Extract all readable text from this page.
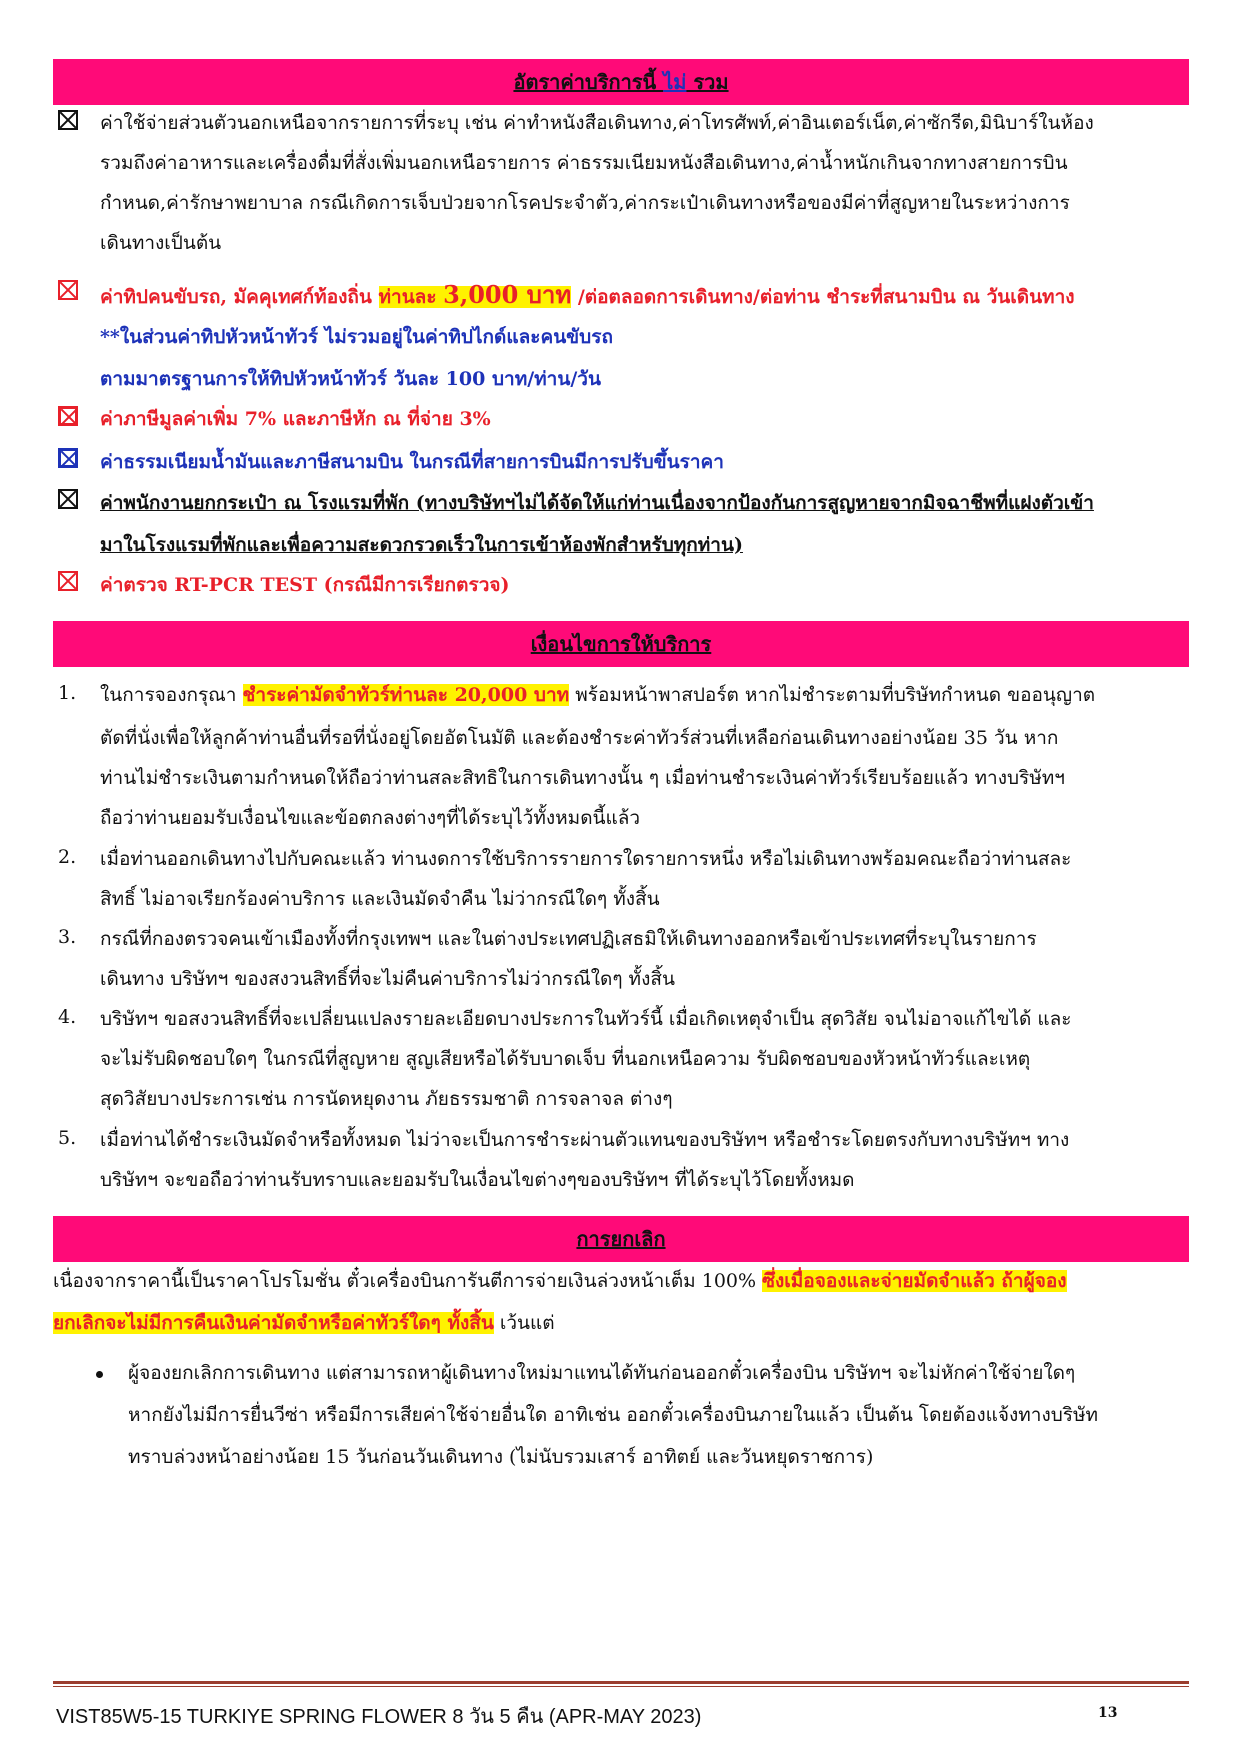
อัตราค่าบริการนี้ ไม่ รวม
ค่าใช้จ่ายส่วนตัวนอกเหนือจากรายการที่ระบุ เช่น ค่าทำหนังสือเดินทาง,ค่าโทรศัพท์,ค่าอินเตอร์เน็ต,ค่าซักรีด,มินิบาร์ในห้อง
รวมถึงค่าอาหารและเครื่องดื่มที่สั่งเพิ่มนอกเหนือรายการ ค่าธรรมเนียมหนังสือเดินทาง,ค่าน้ำหนักเกินจากทางสายการบิน
กำหนด,ค่ารักษาพยาบาล กรณีเกิดการเจ็บป่วยจากโรคประจำตัว,ค่ากระเป๋าเดินทางหรือของมีค่าที่สูญหายในระหว่างการ
เดินทางเป็นต้น
ค่าทิปคนขับรถ, มัคคุเทศก์ท้องถิ่น ท่านละ 3,000 บาท /ต่อตลอดการเดินทาง/ต่อท่าน ชำระที่สนามบิน ณ วันเดินทาง
**ในส่วนค่าทิปหัวหน้าทัวร์ ไม่รวมอยู่ในค่าทิปไกด์และคนขับรถ
ตามมาตรฐานการให้ทิปหัวหน้าทัวร์ วันละ 100 บาท/ท่าน/วัน
ค่าภาษีมูลค่าเพิ่ม 7% และภาษีหัก ณ ที่จ่าย 3%
ค่าธรรมเนียมน้ำมันและภาษีสนามบิน ในกรณีที่สายการบินมีการปรับขึ้นราคา
ค่าพนักงานยกกระเป๋า ณ โรงแรมที่พัก (ทางบริษัทฯไม่ได้จัดให้แก่ท่านเนื่องจากป้องกันการสูญหายจากมิจฉาชีพที่แฝงตัวเข้า
มาในโรงแรมที่พักและเพื่อความสะดวกรวดเร็วในการเข้าห้องพักสำหรับทุกท่าน)
ค่าตรวจ RT-PCR TEST (กรณีมีการเรียกตรวจ)
เงื่อนไขการให้บริการ
1. ในการจองกรุณา ชำระค่ามัดจำทัวร์ท่านละ 20,000 บาท พร้อมหน้าพาสปอร์ต หากไม่ชำระตามที่บริษัทกำหนด ขออนุญาต
ตัดที่นั่งเพื่อให้ลูกค้าท่านอื่นที่รอที่นั่งอยู่โดยอัตโนมัติ และต้องชำระค่าทัวร์ส่วนที่เหลือก่อนเดินทางอย่างน้อย 35 วัน หาก
ท่านไม่ชำระเงินตามกำหนดให้ถือว่าท่านสละสิทธิในการเดินทางนั้น ๆ เมื่อท่านชำระเงินค่าทัวร์เรียบร้อยแล้ว ทางบริษัทฯ
ถือว่าท่านยอมรับเงื่อนไขและข้อตกลงต่างๆที่ได้ระบุไว้ทั้งหมดนี้แล้ว
2. เมื่อท่านออกเดินทางไปกับคณะแล้ว ท่านงดการใช้บริการรายการใดรายการหนึ่ง หรือไม่เดินทางพร้อมคณะถือว่าท่านสละ
สิทธิ์ ไม่อาจเรียกร้องค่าบริการ และเงินมัดจำคืน ไม่ว่ากรณีใดๆ ทั้งสิ้น
3. กรณีที่กองตรวจคนเข้าเมืองทั้งที่กรุงเทพฯ และในต่างประเทศปฏิเสธมิให้เดินทางออกหรือเข้าประเทศที่ระบุในรายการ
เดินทาง บริษัทฯ ของสงวนสิทธิ์ที่จะไม่คืนค่าบริการไม่ว่ากรณีใดๆ ทั้งสิ้น
4. บริษัทฯ ขอสงวนสิทธิ์ที่จะเปลี่ยนแปลงรายละเอียดบางประการในทัวร์นี้ เมื่อเกิดเหตุจำเป็น สุดวิสัย จนไม่อาจแก้ไขได้ และ
จะไม่รับผิดชอบใดๆ ในกรณีที่สูญหาย สูญเสียหรือได้รับบาดเจ็บ ที่นอกเหนือความ รับผิดชอบของหัวหน้าทัวร์และเหตุ
สุดวิสัยบางประการเช่น การนัดหยุดงาน ภัยธรรมชาติ การจลาจล ต่างๆ
5. เมื่อท่านได้ชำระเงินมัดจำหรือทั้งหมด ไม่ว่าจะเป็นการชำระผ่านตัวแทนของบริษัทฯ หรือชำระโดยตรงกับทางบริษัทฯ ทาง
บริษัทฯ จะขอถือว่าท่านรับทราบและยอมรับในเงื่อนไขต่างๆของบริษัทฯ ที่ได้ระบุไว้โดยทั้งหมด
การยกเลิก
เนื่องจากราคานี้เป็นราคาโปรโมชั่น ตั๋วเครื่องบินการันตีการจ่ายเงินล่วงหน้าเต็ม 100% ซึ่งเมื่อจองและจ่ายมัดจำแล้ว ถ้าผู้จอง
ยกเลิกจะไม่มีการคืนเงินค่ามัดจำหรือค่าทัวร์ใดๆ ทั้งสิ้น เว้นแต่
ผู้จองยกเลิกการเดินทาง แต่สามารถหาผู้เดินทางใหม่มาแทนได้ทันก่อนออกตั๋วเครื่องบิน บริษัทฯ จะไม่หักค่าใช้จ่ายใดๆ
หากยังไม่มีการยื่นวีซ่า หรือมีการเสียค่าใช้จ่ายอื่นใด อาทิเช่น ออกตั๋วเครื่องบินภายในแล้ว เป็นต้น โดยต้องแจ้งทางบริษัท
ทราบล่วงหน้าอย่างน้อย 15 วันก่อนวันเดินทาง (ไม่นับรวมเสาร์ อาทิตย์ และวันหยุดราชการ)
VIST85W5-15 TURKIYE SPRING FLOWER 8 วัน 5 คืน (APR-MAY 2023)	13
